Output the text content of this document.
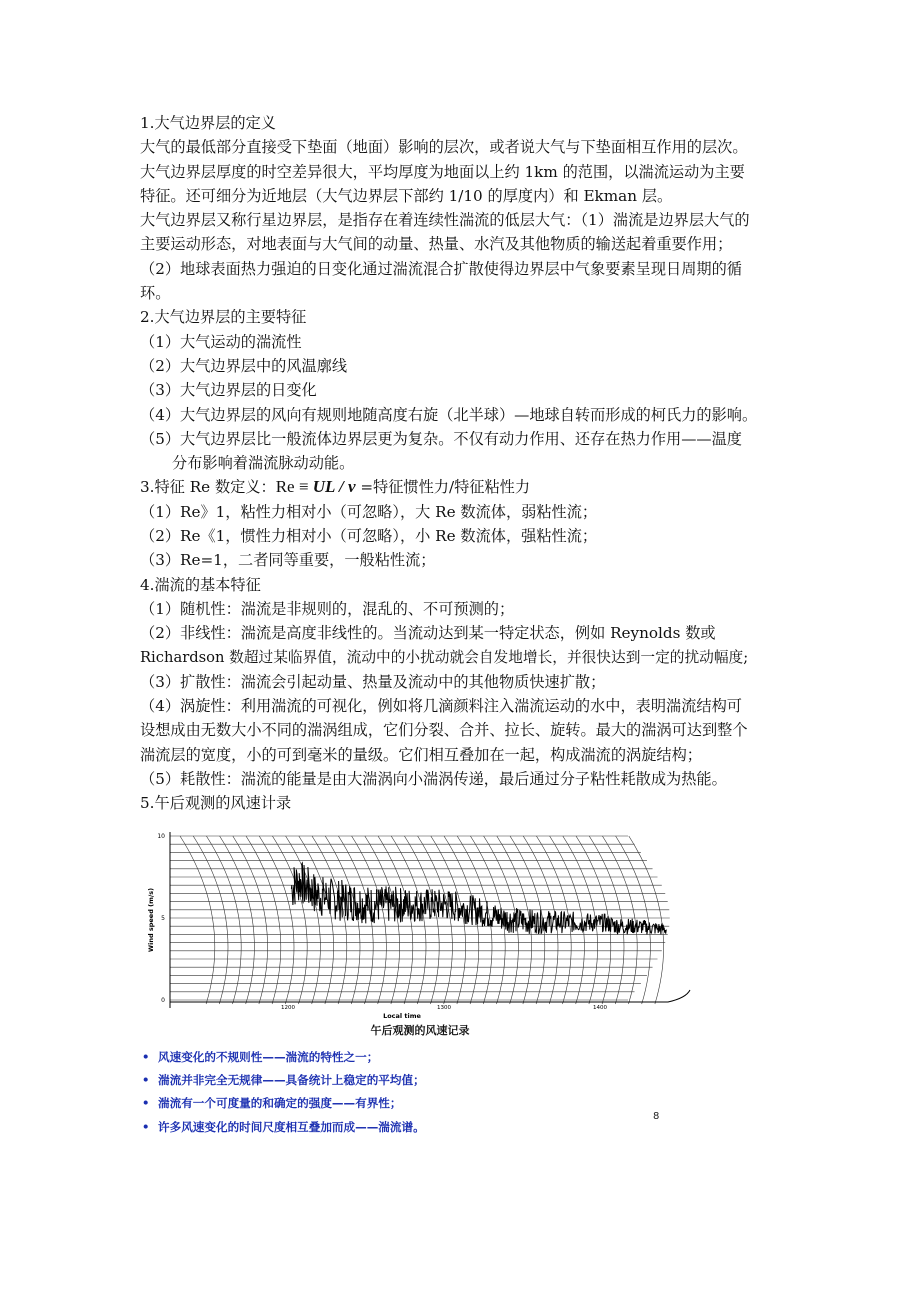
1.大气边界层的定义

大气的最低部分直接受下垫面（地面）影响的层次，或者说大气与下垫面相互作用的层次。

大气边界层厚度的时空差异很大，平均厚度为地面以上约 1km 的范围，以湍流运动为主要

特征。还可细分为近地层（大气边界层下部约 1/10 的厚度内）和 Ekman 层。

大气边界层又称行星边界层，是指存在着连续性湍流的低层大气：（1）湍流是边界层大气的

主要运动形态，对地表面与大气间的动量、热量、水汽及其他物质的输送起着重要作用；

（2）地球表面热力强迫的日变化通过湍流混合扩散使得边界层中气象要素呈现日周期的循

环。

2.大气边界层的主要特征

（1）大气运动的湍流性

（2）大气边界层中的风温廓线

（3）大气边界层的日变化

（4）大气边界层的风向有规则地随高度右旋（北半球）—地球自转而形成的柯氏力的影响。

（5）大气边界层比一般流体边界层更为复杂。不仅有动力作用、还存在热力作用——温度

分布影响着湍流脉动动能。

3.特征 Re 数定义：Re ≡ UL / ν =特征惯性力/特征粘性力

（1）Re》1，粘性力相对小（可忽略），大 Re 数流体，弱粘性流；

（2）Re《1，惯性力相对小（可忽略），小 Re 数流体，强粘性流；

（3）Re=1，二者同等重要，一般粘性流；

4.湍流的基本特征

（1）随机性：湍流是非规则的，混乱的、不可预测的；

（2）非线性：湍流是高度非线性的。当流动达到某一特定状态，例如 Reynolds 数或

Richardson 数超过某临界值，流动中的小扰动就会自发地增长，并很快达到一定的扰动幅度;

（3）扩散性：湍流会引起动量、热量及流动中的其他物质快速扩散；

（4）涡旋性：利用湍流的可视化，例如将几滴颜料注入湍流运动的水中，表明湍流结构可

设想成由无数大小不同的湍涡组成，它们分裂、合并、拉长、旋转。最大的湍涡可达到整个

湍流层的宽度，小的可到毫米的量级。它们相互叠加在一起，构成湍流的涡旋结构；

（5）耗散性：湍流的能量是由大湍涡向小湍涡传递，最后通过分子粘性耗散成为热能。

5.午后观测的风速计录

0
5
10
1200	1300	1400
Wind speed (m/s)
Local time
午后观测的风速记录
• 风速变化的不规则性——湍流的特性之一；
• 湍流并非完全无规律——具备统计上稳定的平均值；
• 湍流有一个可度量的和确定的强度——有界性；
• 许多风速变化的时间尺度相互叠加而成——湍流谱。
8
